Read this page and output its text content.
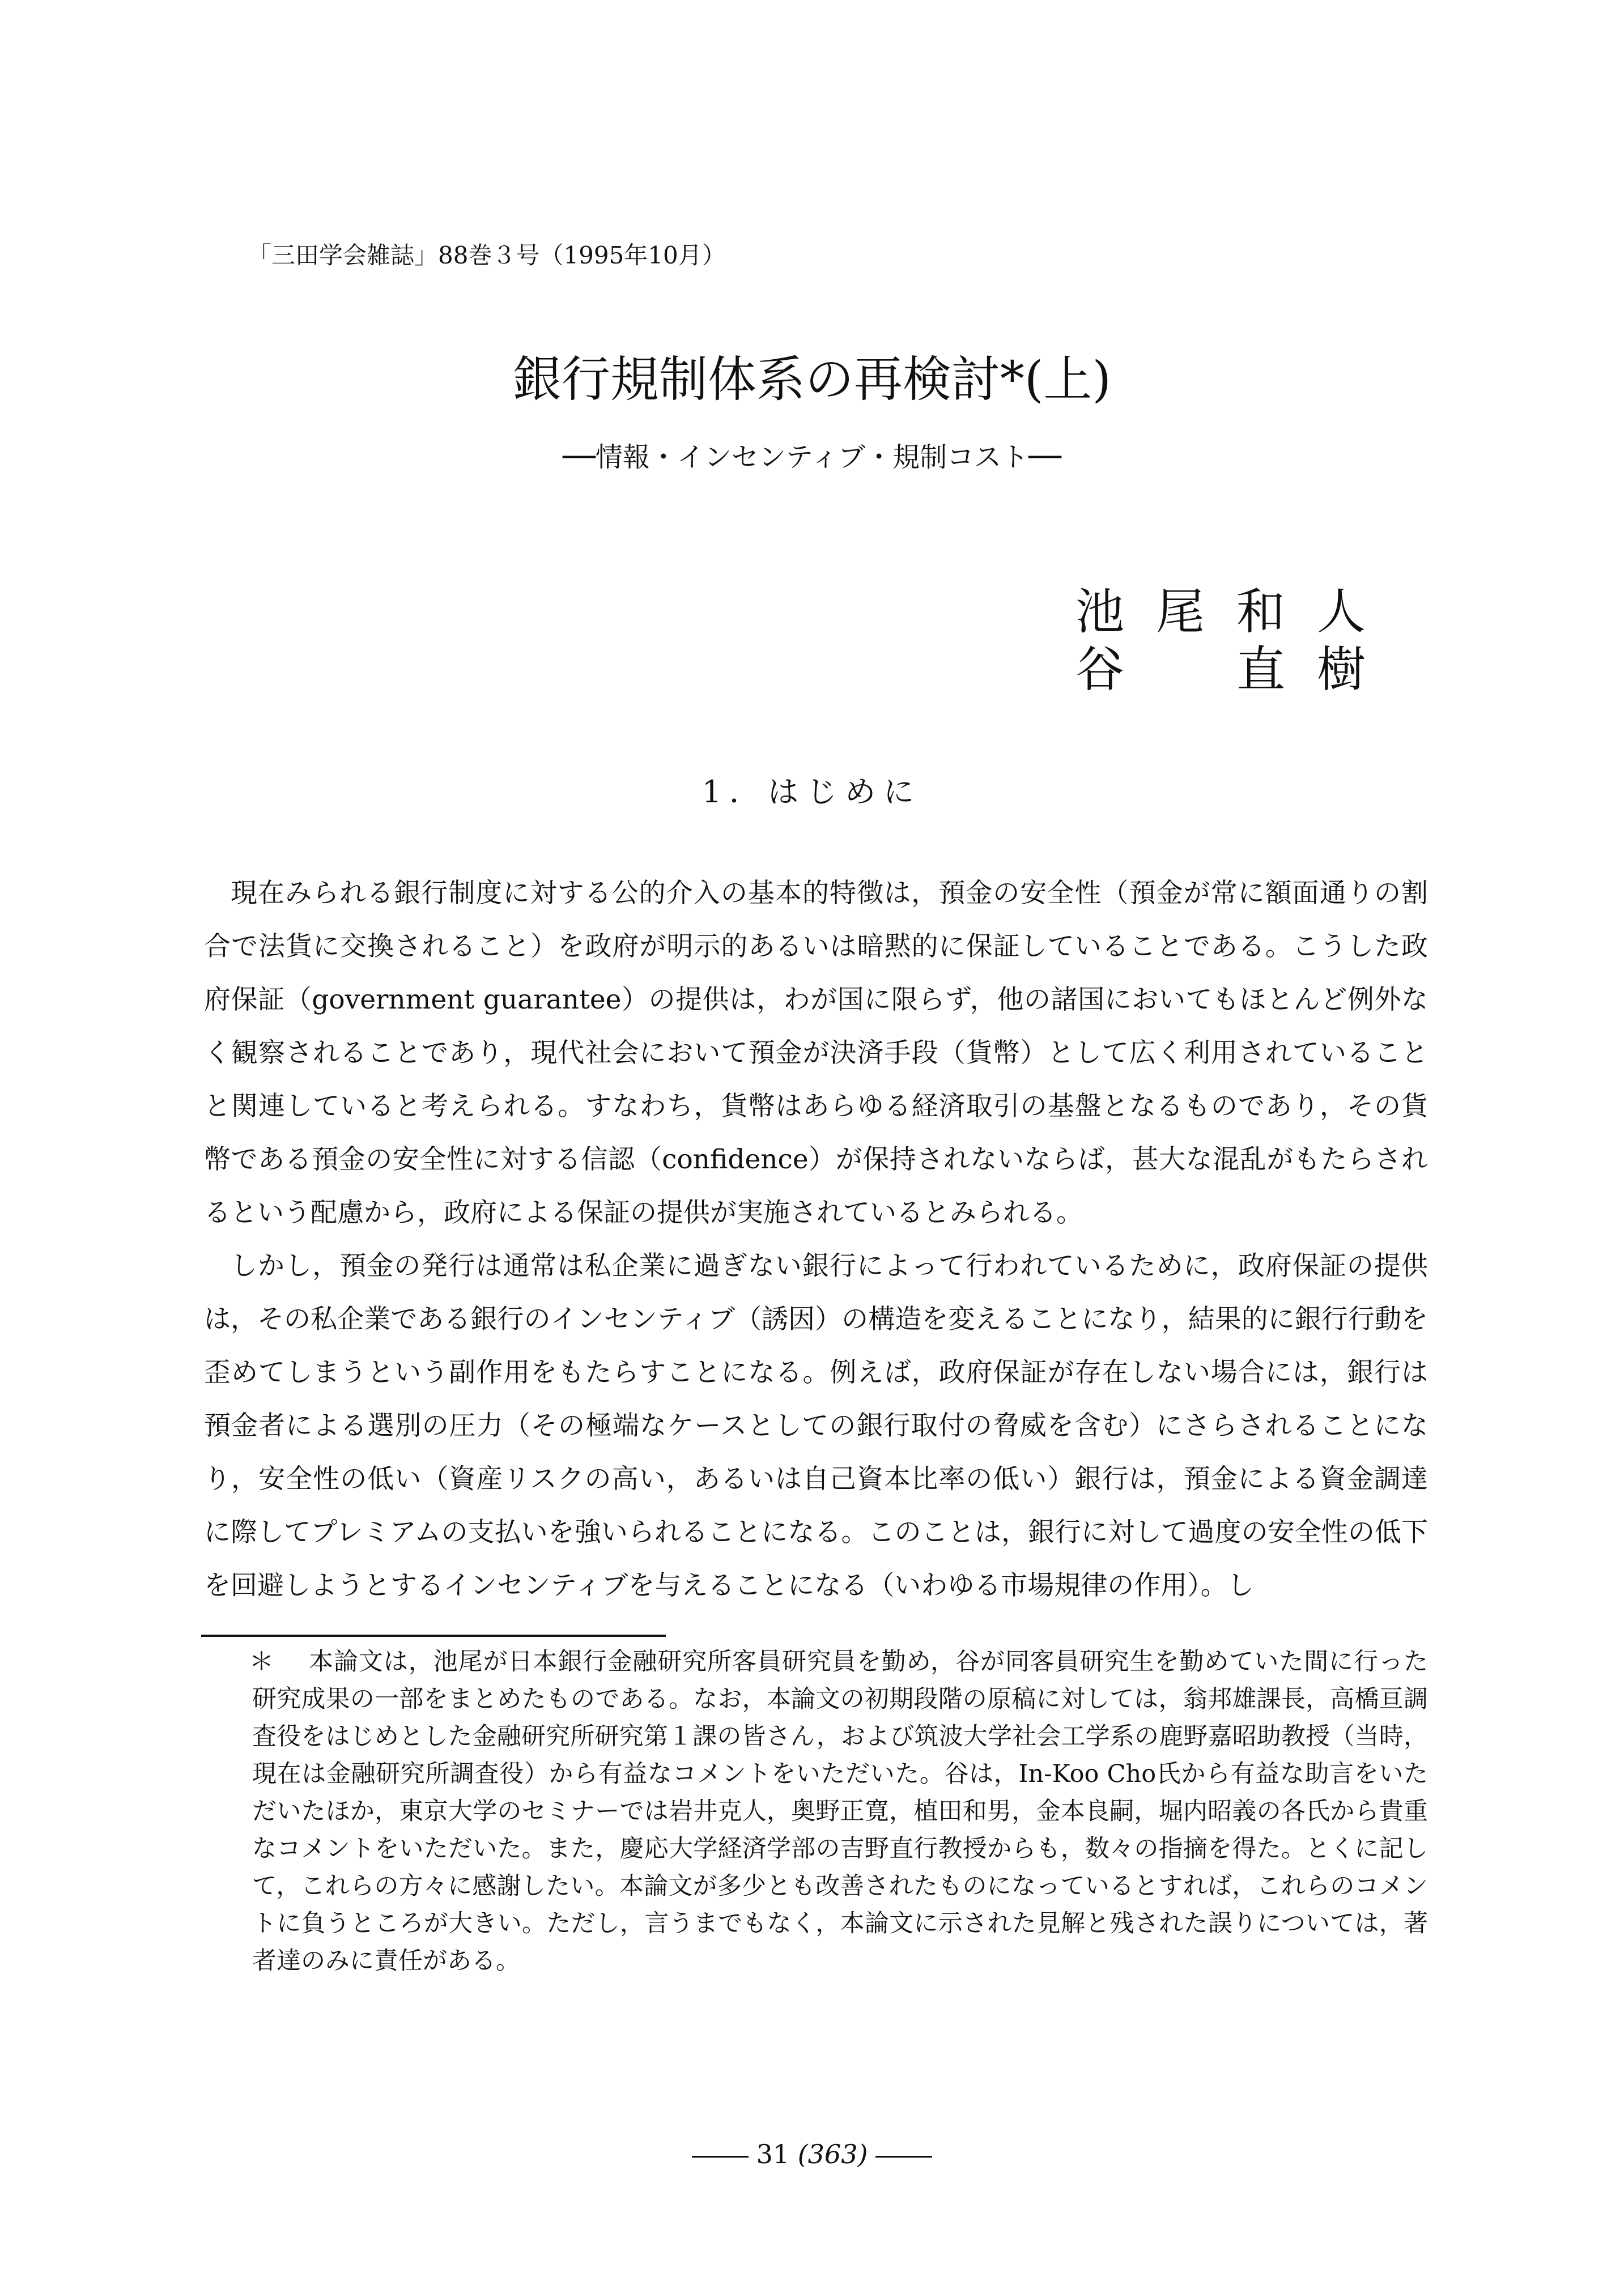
「三田学会雑誌」88巻３号（1995年10月）
銀行規制体系の再検討*(上)
──情報・インセンティブ・規制コスト──
池 尾 和 人
谷 直 樹
1．はじめに

現在みられる銀行制度に対する公的介入の基本的特徴は，預金の安全性（預金が常に額面通りの割合で法貨に交換されること）を政府が明示的あるいは暗黙的に保証していることである。こうした政府保証（government guarantee）の提供は，わが国に限らず，他の諸国においてもほとんど例外なく観察されることであり，現代社会において預金が決済手段（貨幣）として広く利用されていることと関連していると考えられる。すなわち，貨幣はあらゆる経済取引の基盤となるものであり，その貨幣である預金の安全性に対する信認（confidence）が保持されないならば，甚大な混乱がもたらされるという配慮から，政府による保証の提供が実施されているとみられる。

しかし，預金の発行は通常は私企業に過ぎない銀行によって行われているために，政府保証の提供は，その私企業である銀行のインセンティブ（誘因）の構造を変えることになり，結果的に銀行行動を歪めてしまうという副作用をもたらすことになる。例えば，政府保証が存在しない場合には，銀行は預金者による選別の圧力（その極端なケースとしての銀行取付の脅威を含む）にさらされることになり，安全性の低い（資産リスクの高い，あるいは自己資本比率の低い）銀行は，預金による資金調達に際してプレミアムの支払いを強いられることになる。このことは，銀行に対して過度の安全性の低下を回避しようとするインセンティブを与えることになる（いわゆる市場規律の作用）。し

＊	本論文は，池尾が日本銀行金融研究所客員研究員を勤め，谷が同客員研究生を勤めていた間に行った研究成果の一部をまとめたものである。なお，本論文の初期段階の原稿に対しては，翁邦雄課長，高橋亘調査役をはじめとした金融研究所研究第１課の皆さん，および筑波大学社会工学系の鹿野嘉昭助教授（当時，現在は金融研究所調査役）から有益なコメントをいただいた。谷は，In-Koo Cho氏から有益な助言をいただいたほか，東京大学のセミナーでは岩井克人，奥野正寛，植田和男，金本良嗣，堀内昭義の各氏から貴重なコメントをいただいた。また，慶応大学経済学部の吉野直行教授からも，数々の指摘を得た。とくに記して，これらの方々に感謝したい。本論文が多少とも改善されたものになっているとすれば，これらのコメントに負うところが大きい。ただし，言うまでもなく，本論文に示された見解と残された誤りについては，著者達のみに責任がある。
31 (363)
